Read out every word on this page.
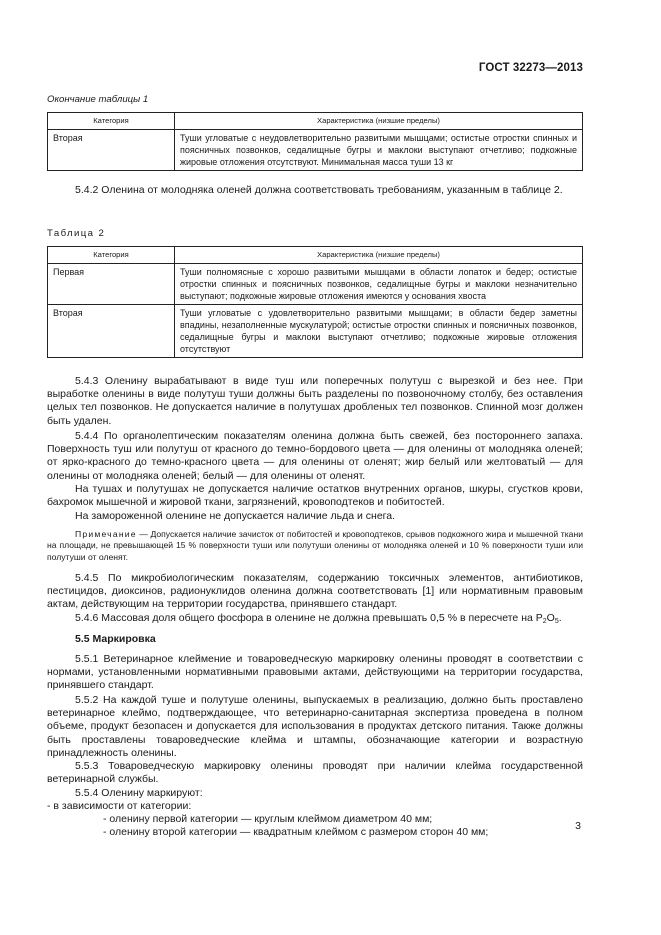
ГОСТ 32273—2013
Окончание таблицы 1
Категория	Характеристика (низшие пределы)
Вторая	Туши угловатые с неудовлетворительно развитыми мышцами; остистые отростки спинных и поясничных позвонков, седалищные бугры и маклоки выступают отчетливо; подкожные жировые отложения отсутствуют. Минимальная масса туши 13 кг
5.4.2 Оленина от молодняка оленей должна соответствовать требованиям, указанным в таблице 2.
Таблица 2
Категория	Характеристика (низшие пределы)
Первая	Туши полномясные с хорошо развитыми мышцами в области лопаток и бедер; остистые отростки спинных и поясничных позвонков, седалищные бугры и маклоки незначительно выступают; подкожные жировые отложения имеются у основания хвоста
Вторая	Туши угловатые с удовлетворительно развитыми мышцами; в области бедер заметны впадины, незаполненные мускулатурой; остистые отростки спинных и поясничных позвонков, седалищные бугры и маклоки выступают отчетливо; подкожные жировые отложения отсутствуют
5.4.3 Оленину вырабатывают в виде туш или поперечных полутуш с вырезкой и без нее. При выработке оленины в виде полутуш туши должны быть разделены по позвоночному столбу, без оставления целых тел позвонков. Не допускается наличие в полутушах дробленых тел позвонков. Спинной мозг должен быть удален.
5.4.4 По органолептическим показателям оленина должна быть свежей, без постороннего запаха. Поверхность туш или полутуш от красного до темно-бордового цвета — для оленины от молодняка оленей; от ярко-красного до темно-красного цвета — для оленины от оленят; жир белый или желтоватый — для оленины от молодняка оленей; белый — для оленины от оленят.
На тушах и полутушах не допускается наличие остатков внутренних органов, шкуры, сгустков крови, бахромок мышечной и жировой ткани, загрязнений, кровоподтеков и побитостей.
На замороженной оленине не допускается наличие льда и снега.
Примечание — Допускается наличие зачисток от побитостей и кровоподтеков, срывов подкожного жира и мышечной ткани на площади, не превышающей 15 % поверхности туши или полутуши оленины от молодняка оленей и 10 % поверхности туши или полутуши от оленят.
5.4.5 По микробиологическим показателям, содержанию токсичных элементов, антибиотиков, пестицидов, диоксинов, радионуклидов оленина должна соответствовать [1] или нормативным правовым актам, действующим на территории государства, принявшего стандарт.
5.4.6 Массовая доля общего фосфора в оленине не должна превышать 0,5 % в пересчете на $P_2O_5$.
5.5 Маркировка
5.5.1 Ветеринарное клеймение и товароведческую маркировку оленины проводят в соответствии с нормами, установленными нормативными правовыми актами, действующими на территории государства, принявшего стандарт.
5.5.2 На каждой туше и полутуше оленины, выпускаемых в реализацию, должно быть проставлено ветеринарное клеймо, подтверждающее, что ветеринарно-санитарная экспертиза проведена в полном объеме, продукт безопасен и допускается для использования в продуктах детского питания. Также должны быть проставлены товароведческие клейма и штампы, обозначающие категории и возрастную принадлежность оленины.
5.5.3 Товароведческую маркировку оленины проводят при наличии клейма государственной ветеринарной службы.
5.5.4 Оленину маркируют:
- в зависимости от категории:
- оленину первой категории — круглым клеймом диаметром 40 мм;
- оленину второй категории — квадратным клеймом с размером сторон 40 мм;	3
